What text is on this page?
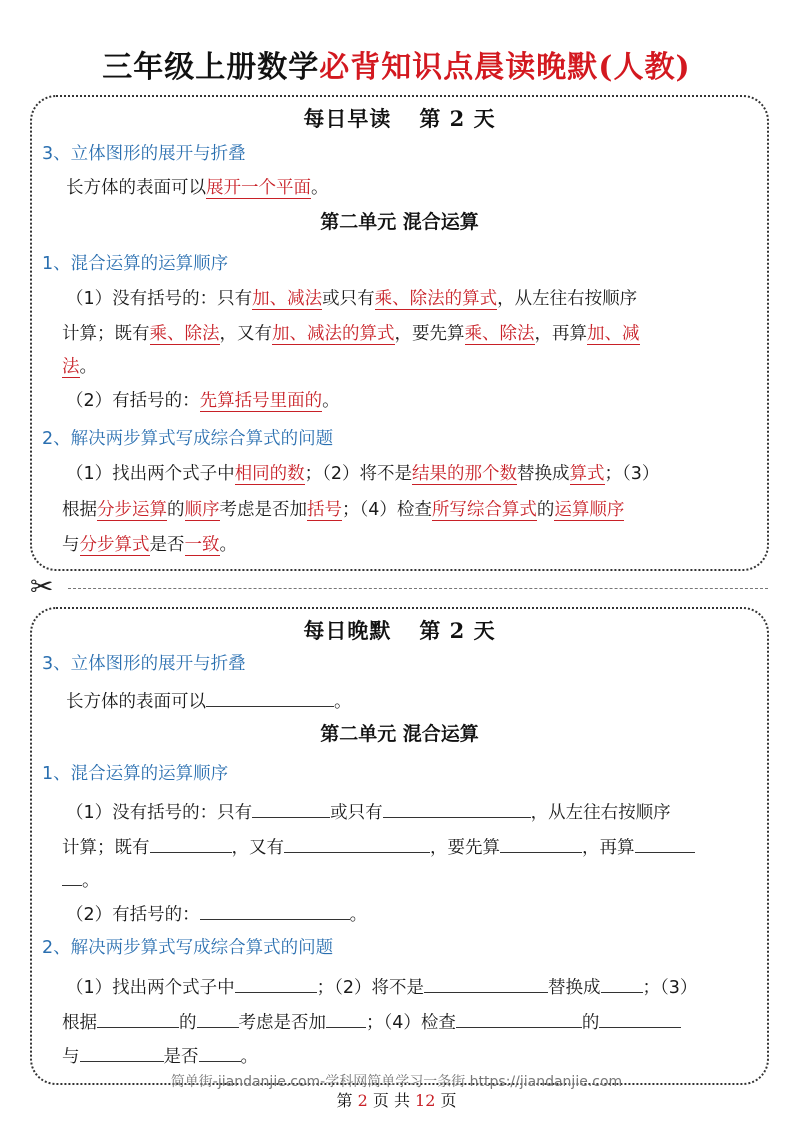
三年级上册数学必背知识点晨读晚默(人教)
每日早读 第 2 天
3、立体图形的展开与折叠
长方体的表面可以展开一个平面。
第二单元 混合运算
1、混合运算的运算顺序
（1）没有括号的：只有加、减法或只有乘、除法的算式，从左往右按顺序
计算；既有乘、除法，又有加、减法的算式，要先算乘、除法，再算加、减
法。
（2）有括号的：先算括号里面的。
2、解决两步算式写成综合算式的问题
（1）找出两个式子中相同的数；（2）将不是结果的那个数替换成算式；（3）
根据分步运算的顺序考虑是否加括号；（4）检查所写综合算式的运算顺序
与分步算式是否一致。
✂
每日晚默 第 2 天
3、立体图形的展开与折叠
长方体的表面可以	。
第二单元 混合运算
1、混合运算的运算顺序
（1）没有括号的：只有	或只有	，从左往右按顺序
计算；既有	，又有	，要先算	，再算
。
（2）有括号的：	。
2、解决两步算式写成综合算式的问题
（1）找出两个式子中	；（2）将不是	替换成 ；（3）
根据	的 考虑是否加 ；（4）检查	的
与	是否 。
简单街-jiandanjie.com-学科网简单学习一条街 https://jiandanjie.com
第 2 页 共 12 页
